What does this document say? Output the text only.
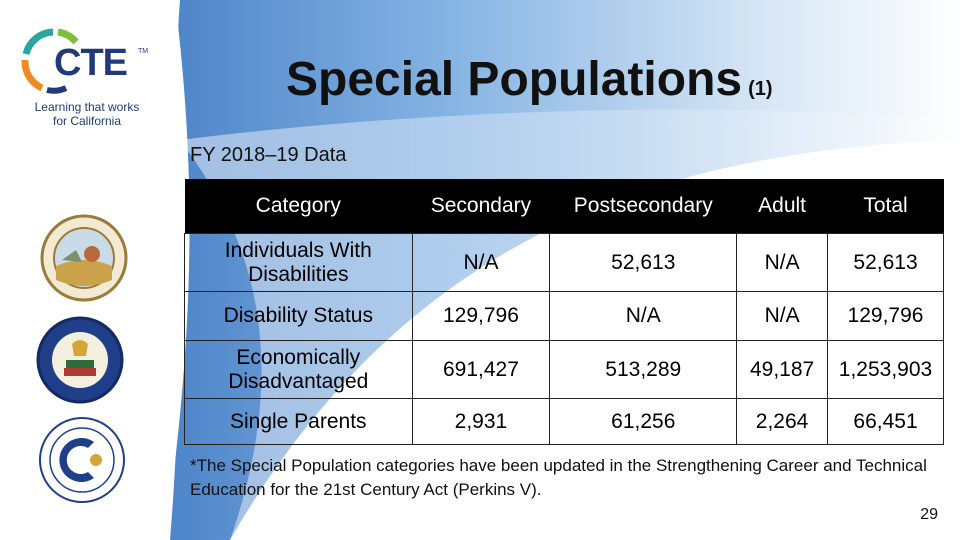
CTE TM
Learning that works
for California
Special Populations (1)
FY 2018–19 Data
Category	Secondary	Postsecondary	Adult	Total
Individuals With Disabilities	N/A	52,613	N/A	52,613
Disability Status	129,796	N/A	N/A	129,796
Economically Disadvantaged	691,427	513,289	49,187	1,253,903
Single Parents	2,931	61,256	2,264	66,451
*The Special Population categories have been updated in the Strengthening Career and Technical Education for the 21st Century Act (Perkins V).
29
